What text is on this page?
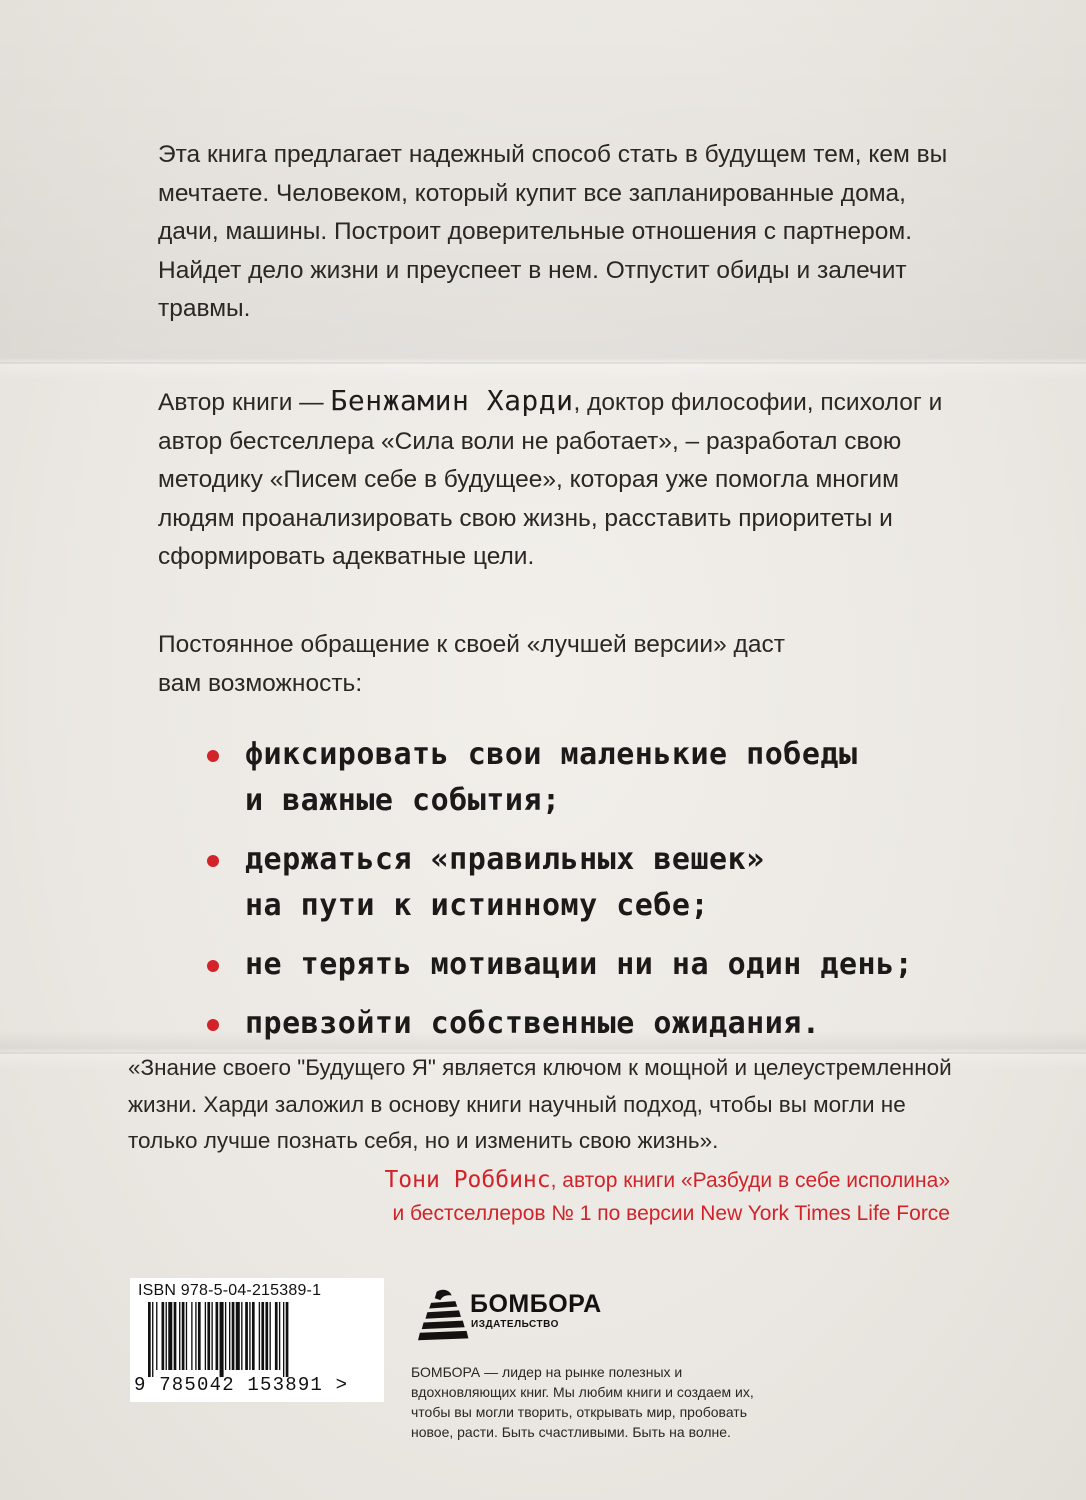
Эта книга предлагает надежный способ стать в будущем тем, кем вы мечтаете. Человеком, который купит все запланированные дома, дачи, машины. Построит доверительные отношения с партнером. Найдет дело жизни и преуспеет в нем. Отпустит обиды и залечит травмы.

Автор книги — Бенжамин Харди, доктор философии, психолог и автор бестселлера «Сила воли не работает», – разработал свою методику «Писем себе в будущее», которая уже помогла многим людям проанализировать свою жизнь, расставить приоритеты и сформировать адекватные цели.

Постоянное обращение к своей «лучшей версии» даст вам возможность:

фиксировать свои маленькие победы
и важные события;
держаться «правильных вешек»
на пути к истинному себе;
не терять мотивации ни на один день;
превзойти собственные ожидания.

«Знание своего "Будущего Я" является ключом к мощной и целеустремленной жизни. Харди заложил в основу книги научный подход, чтобы вы могли не только лучше познать себя, но и изменить свою жизнь».

Тони Роббинс, автор книги «Разбуди в себе исполина»
и бестселлеров № 1 по версии New York Times Life Force
ISBN 978-5-04-215389-1
9 785042 153891 >
БОМБОРА
ИЗДАТЕЛЬСТВО

БОМБОРА — лидер на рынке полезных и вдохновляющих книг. Мы любим книги и создаем их, чтобы вы могли творить, открывать мир, пробовать новое, расти. Быть счастливыми. Быть на волне.
